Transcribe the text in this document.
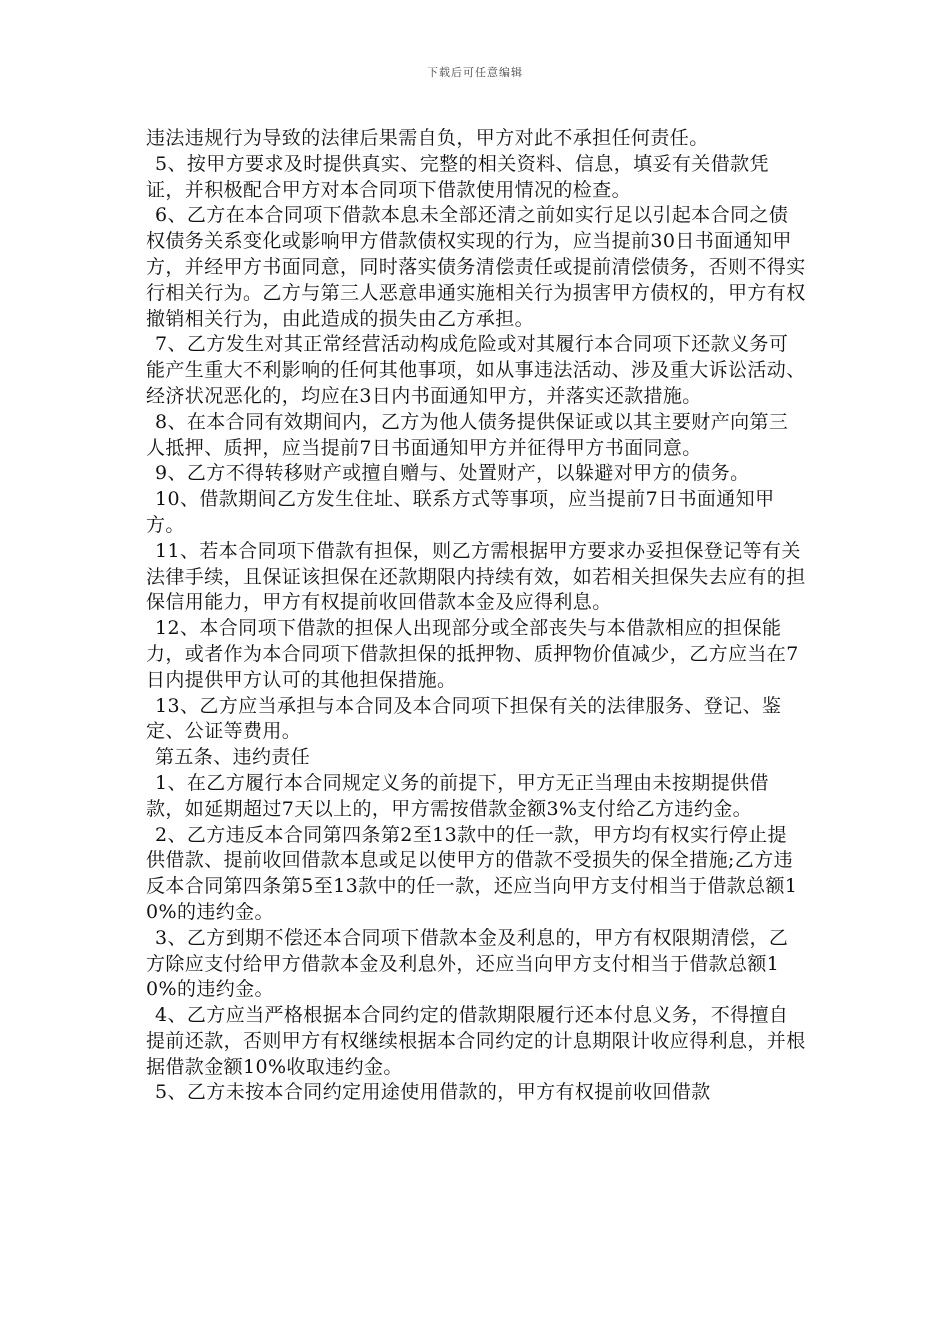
下载后可任意编辑

违法违规行为导致的法律后果需自负，甲方对此不承担任何责任。

5、按甲方要求及时提供真实、完整的相关资料、信息，填妥有关借款凭证，并积极配合甲方对本合同项下借款使用情况的检查。

6、乙方在本合同项下借款本息未全部还清之前如实行足以引起本合同之债权债务关系变化或影响甲方借款债权实现的行为，应当提前30日书面通知甲方，并经甲方书面同意，同时落实债务清偿责任或提前清偿债务，否则不得实行相关行为。乙方与第三人恶意串通实施相关行为损害甲方债权的，甲方有权撤销相关行为，由此造成的损失由乙方承担。

7、乙方发生对其正常经营活动构成危险或对其履行本合同项下还款义务可能产生重大不利影响的任何其他事项，如从事违法活动、涉及重大诉讼活动、经济状况恶化的，均应在3日内书面通知甲方，并落实还款措施。

8、在本合同有效期间内，乙方为他人债务提供保证或以其主要财产向第三人抵押、质押，应当提前7日书面通知甲方并征得甲方书面同意。

9、乙方不得转移财产或擅自赠与、处置财产，以躲避对甲方的债务。

10、借款期间乙方发生住址、联系方式等事项，应当提前7日书面通知甲方。

11、若本合同项下借款有担保，则乙方需根据甲方要求办妥担保登记等有关法律手续，且保证该担保在还款期限内持续有效，如若相关担保失去应有的担保信用能力，甲方有权提前收回借款本金及应得利息。

12、本合同项下借款的担保人出现部分或全部丧失与本借款相应的担保能力，或者作为本合同项下借款担保的抵押物、质押物价值减少，乙方应当在7日内提供甲方认可的其他担保措施。

13、乙方应当承担与本合同及本合同项下担保有关的法律服务、登记、鉴定、公证等费用。

第五条、违约责任

1、在乙方履行本合同规定义务的前提下，甲方无正当理由未按期提供借款，如延期超过7天以上的，甲方需按借款金额3%支付给乙方违约金。

2、乙方违反本合同第四条第2至13款中的任一款，甲方均有权实行停止提供借款、提前收回借款本息或足以使甲方的借款不受损失的保全措施;乙方违反本合同第四条第5至13款中的任一款，还应当向甲方支付相当于借款总额10%的违约金。

3、乙方到期不偿还本合同项下借款本金及利息的，甲方有权限期清偿，乙方除应支付给甲方借款本金及利息外，还应当向甲方支付相当于借款总额10%的违约金。

4、乙方应当严格根据本合同约定的借款期限履行还本付息义务，不得擅自提前还款，否则甲方有权继续根据本合同约定的计息期限计收应得利息，并根据借款金额10%收取违约金。

5、乙方未按本合同约定用途使用借款的，甲方有权提前收回借款
